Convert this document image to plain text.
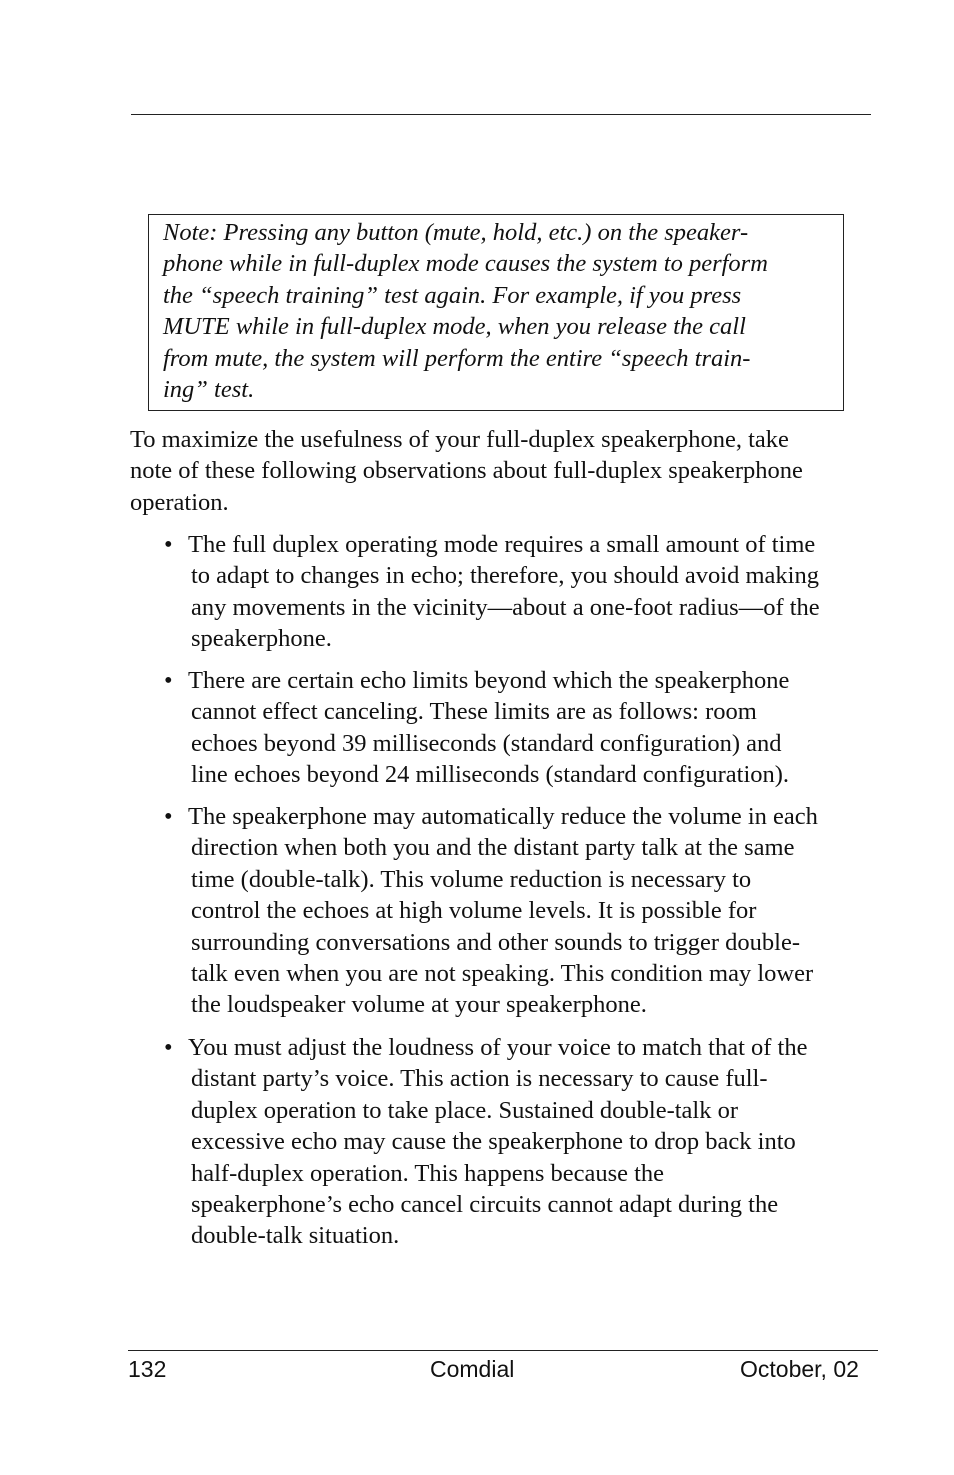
Note: Pressing any button (mute, hold, etc.) on the speaker-
phone while in full-duplex mode causes the system to perform
the “speech training” test again. For example, if you press
MUTE while in full-duplex mode, when you release the call
from mute, the system will perform the entire “speech train-
ing” test.
To maximize the usefulness of your full-duplex speakerphone, take
note of these following observations about full-duplex speakerphone
operation.
• The full duplex operating mode requires a small amount of time
to adapt to changes in echo; therefore, you should avoid making
any movements in the vicinity—about a one-foot radius—of the
speakerphone.
• There are certain echo limits beyond which the speakerphone
cannot effect canceling. These limits are as follows: room
echoes beyond 39 milliseconds (standard configuration) and
line echoes beyond 24 milliseconds (standard configuration).
• The speakerphone may automatically reduce the volume in each
direction when both you and the distant party talk at the same
time (double-talk). This volume reduction is necessary to
control the echoes at high volume levels. It is possible for
surrounding conversations and other sounds to trigger double-
talk even when you are not speaking. This condition may lower
the loudspeaker volume at your speakerphone.
• You must adjust the loudness of your voice to match that of the
distant party’s voice. This action is necessary to cause full-
duplex operation to take place. Sustained double-talk or
excessive echo may cause the speakerphone to drop back into
half-duplex operation. This happens because the
speakerphone’s echo cancel circuits cannot adapt during the
double-talk situation.
132	Comdial	October, 02
